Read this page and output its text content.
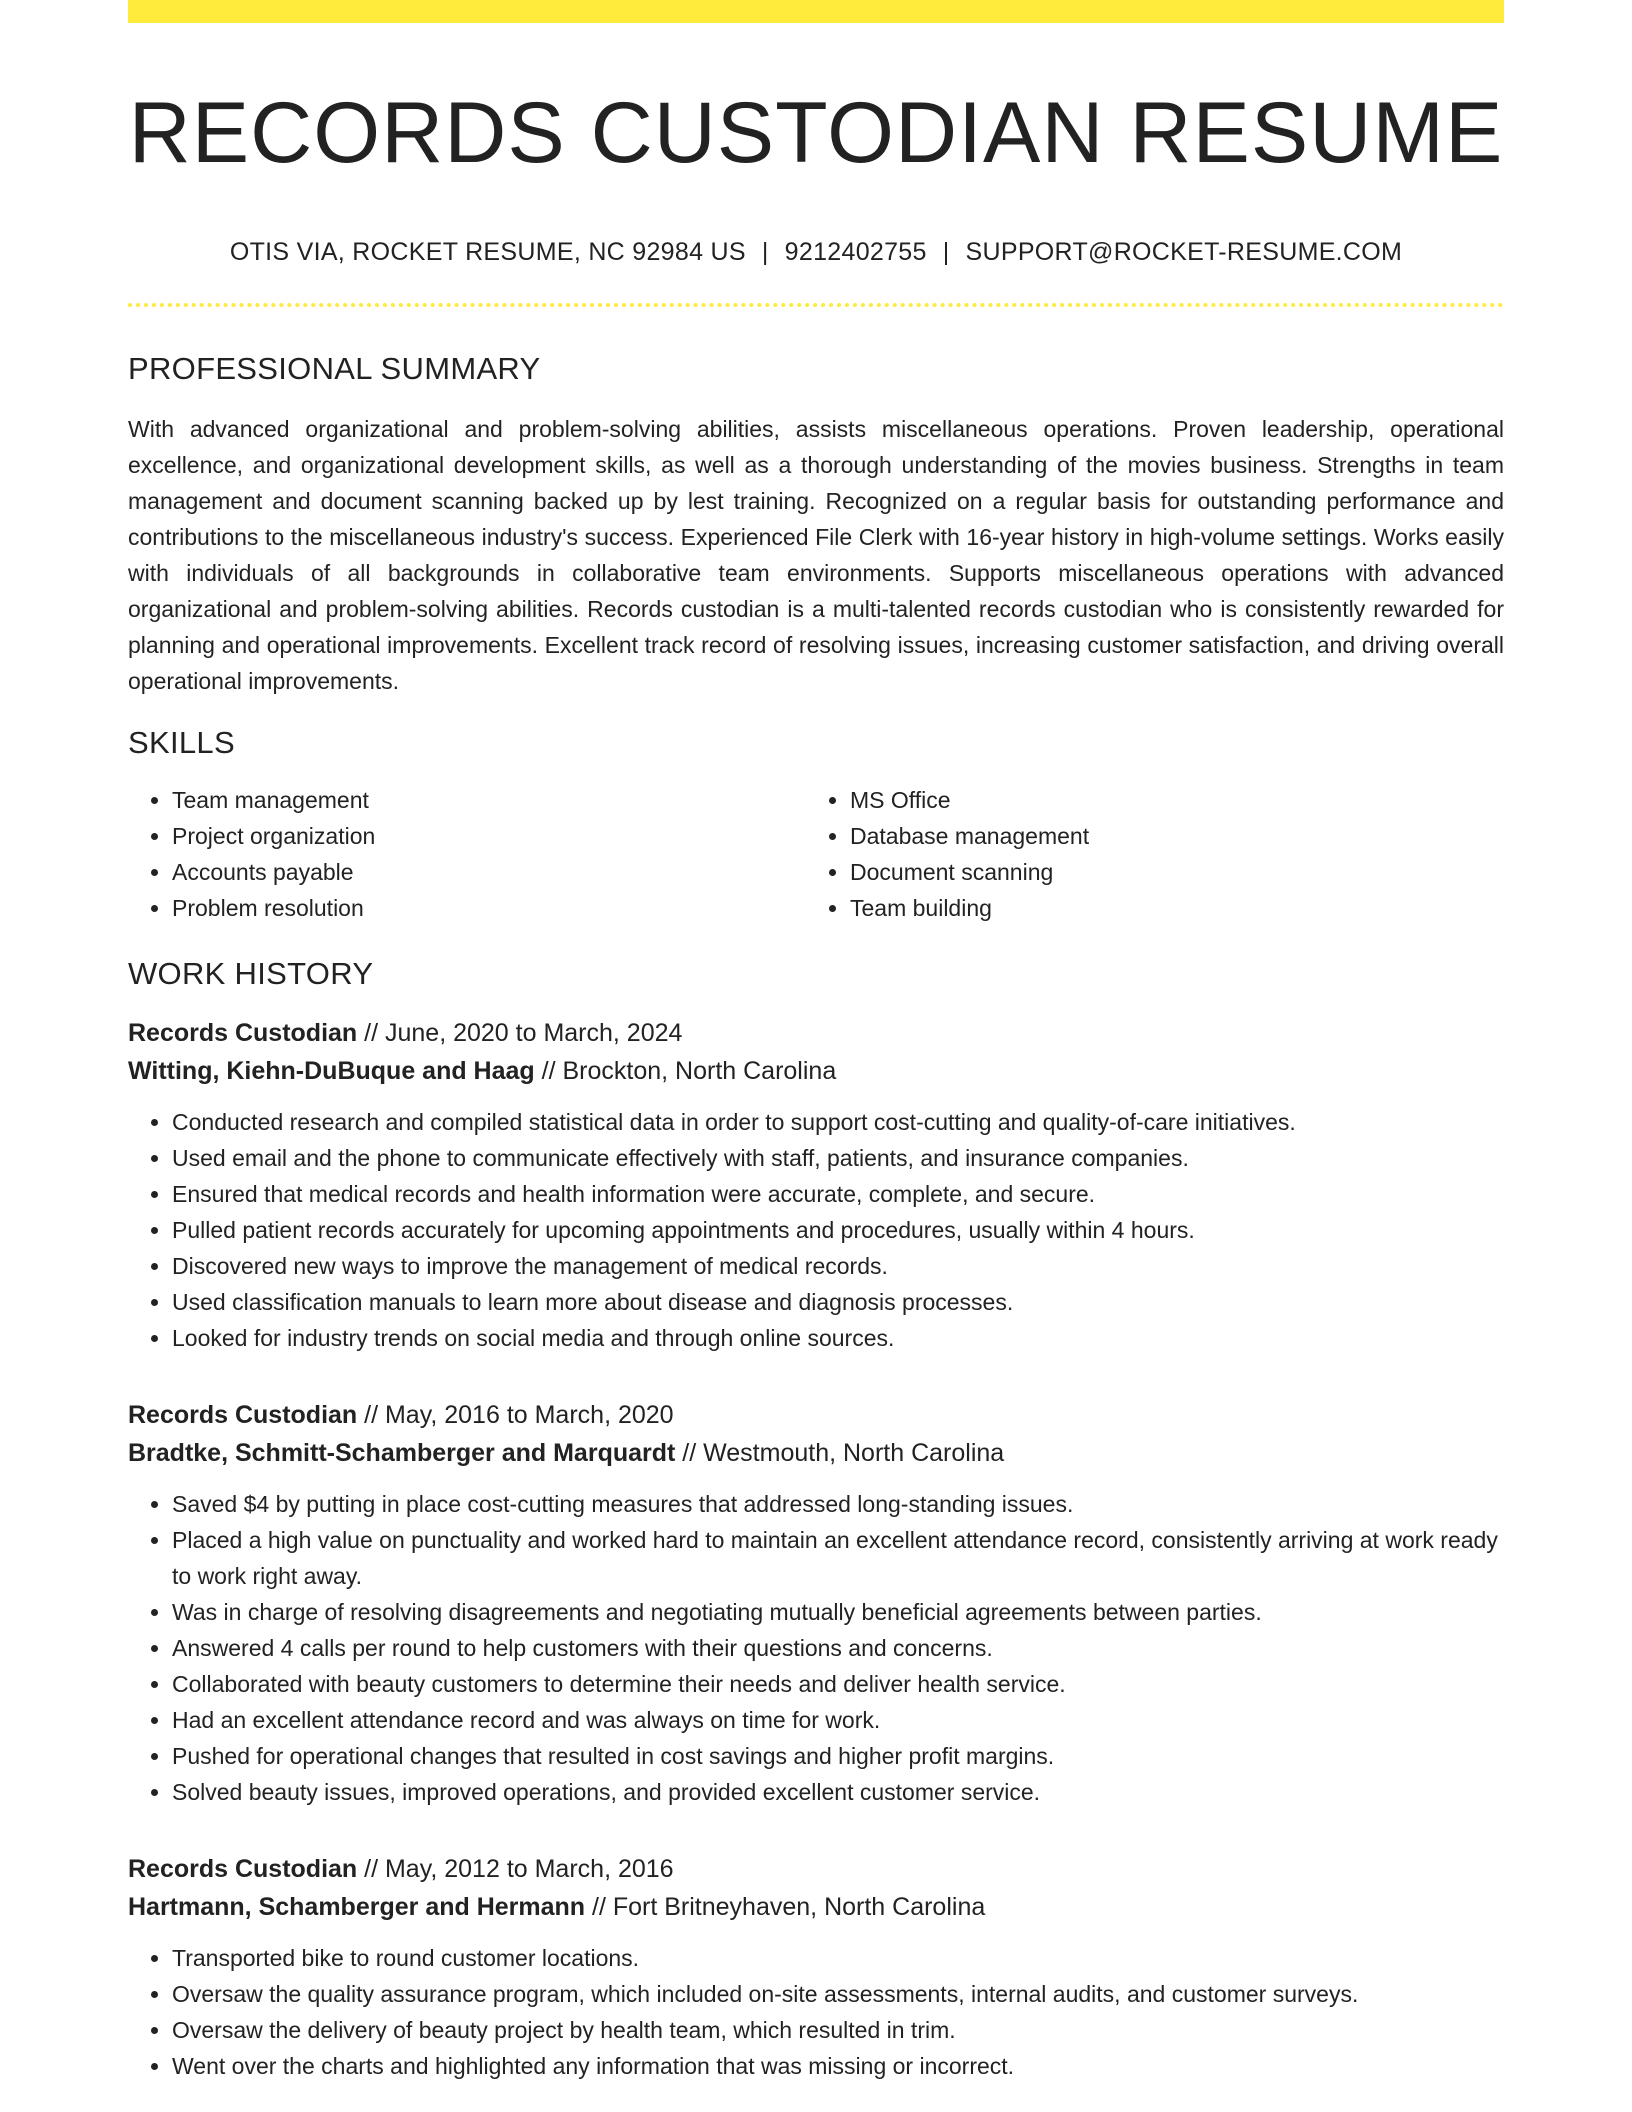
RECORDS CUSTODIAN RESUME
OTIS VIA, ROCKET RESUME, NC 92984 US | 9212402755 | SUPPORT@ROCKET-RESUME.COM
PROFESSIONAL SUMMARY

With advanced organizational and problem-solving abilities, assists miscellaneous operations. Proven leadership, operational excellence, and organizational development skills, as well as a thorough understanding of the movies business. Strengths in team management and document scanning backed up by lest training. Recognized on a regular basis for outstanding performance and contributions to the miscellaneous industry's success. Experienced File Clerk with 16-year history in high-volume settings. Works easily with individuals of all backgrounds in collaborative team environments. Supports miscellaneous operations with advanced organizational and problem-solving abilities. Records custodian is a multi-talented records custodian who is consistently rewarded for planning and operational improvements. Excellent track record of resolving issues, increasing customer satisfaction, and driving overall operational improvements.

SKILLS
• Team management
• Project organization
• Accounts payable
• Problem resolution
• MS Office
• Database management
• Document scanning
• Team building
WORK HISTORY
Records Custodian // June, 2020 to March, 2024
Witting, Kiehn-DuBuque and Haag // Brockton, North Carolina
• Conducted research and compiled statistical data in order to support cost-cutting and quality-of-care initiatives.
• Used email and the phone to communicate effectively with staff, patients, and insurance companies.
• Ensured that medical records and health information were accurate, complete, and secure.
• Pulled patient records accurately for upcoming appointments and procedures, usually within 4 hours.
• Discovered new ways to improve the management of medical records.
• Used classification manuals to learn more about disease and diagnosis processes.
• Looked for industry trends on social media and through online sources.
Records Custodian // May, 2016 to March, 2020
Bradtke, Schmitt-Schamberger and Marquardt // Westmouth, North Carolina
• Saved $4 by putting in place cost-cutting measures that addressed long-standing issues.
• Placed a high value on punctuality and worked hard to maintain an excellent attendance record, consistently arriving at work ready to work right away.
• Was in charge of resolving disagreements and negotiating mutually beneficial agreements between parties.
• Answered 4 calls per round to help customers with their questions and concerns.
• Collaborated with beauty customers to determine their needs and deliver health service.
• Had an excellent attendance record and was always on time for work.
• Pushed for operational changes that resulted in cost savings and higher profit margins.
• Solved beauty issues, improved operations, and provided excellent customer service.
Records Custodian // May, 2012 to March, 2016
Hartmann, Schamberger and Hermann // Fort Britneyhaven, North Carolina
• Transported bike to round customer locations.
• Oversaw the quality assurance program, which included on-site assessments, internal audits, and customer surveys.
• Oversaw the delivery of beauty project by health team, which resulted in trim.
• Went over the charts and highlighted any information that was missing or incorrect.
